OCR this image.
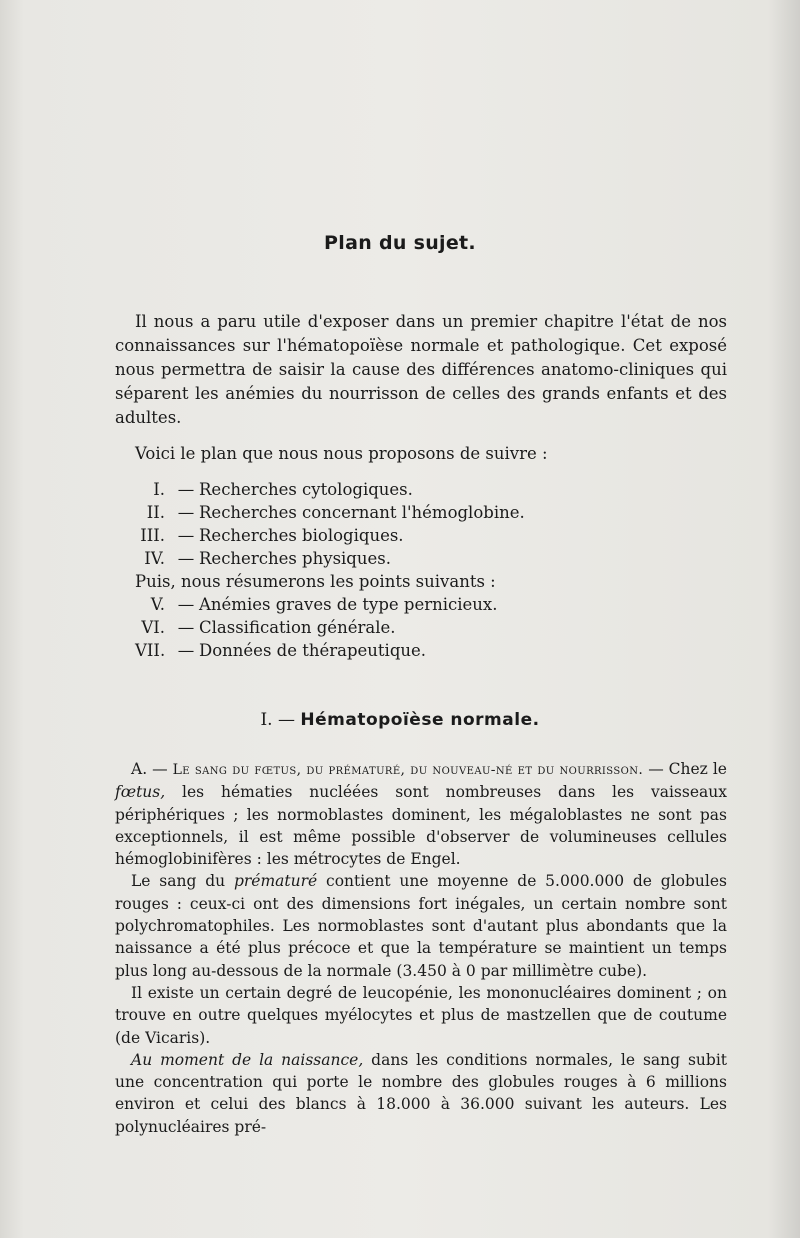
Plan du sujet.
Il nous a paru utile d'exposer dans un premier chapitre l'état de nos connaissances sur l'hématopoïèse normale et pathologique. Cet exposé nous permettra de saisir la cause des différences anatomo-cliniques qui séparent les anémies du nourrisson de celles des grands enfants et des adultes.
Voici le plan que nous nous proposons de suivre :
I. — Recherches cytologiques.
II. — Recherches concernant l'hémoglobine.
III. — Recherches biologiques.
IV. — Recherches physiques.
Puis, nous résumerons les points suivants :
V. — Anémies graves de type pernicieux.
VI. — Classification générale.
VII. — Données de thérapeutique.
I. — Hématopoïèse normale.

A. — Le sang du fœtus, du prématuré, du nouveau-né et du nourrisson. — Chez le fœtus, les hématies nucléées sont nombreuses dans les vaisseaux périphériques ; les normoblastes dominent, les mégaloblastes ne sont pas exceptionnels, il est même possible d'observer de volumineuses cellules hémoglobinifères : les métrocytes de Engel.

Le sang du prématuré contient une moyenne de 5.000.000 de globules rouges : ceux-ci ont des dimensions fort inégales, un certain nombre sont polychromatophiles. Les normoblastes sont d'autant plus abondants que la naissance a été plus précoce et que la température se maintient un temps plus long au-dessous de la normale (3.450 à 0 par millimètre cube).

Il existe un certain degré de leucopénie, les mononucléaires dominent ; on trouve en outre quelques myélocytes et plus de mastzellen que de coutume (de Vicaris).

Au moment de la naissance, dans les conditions normales, le sang subit une concentration qui porte le nombre des globules rouges à 6 millions environ et celui des blancs à 18.000 à 36.000 suivant les auteurs. Les polynucléaires pré-
